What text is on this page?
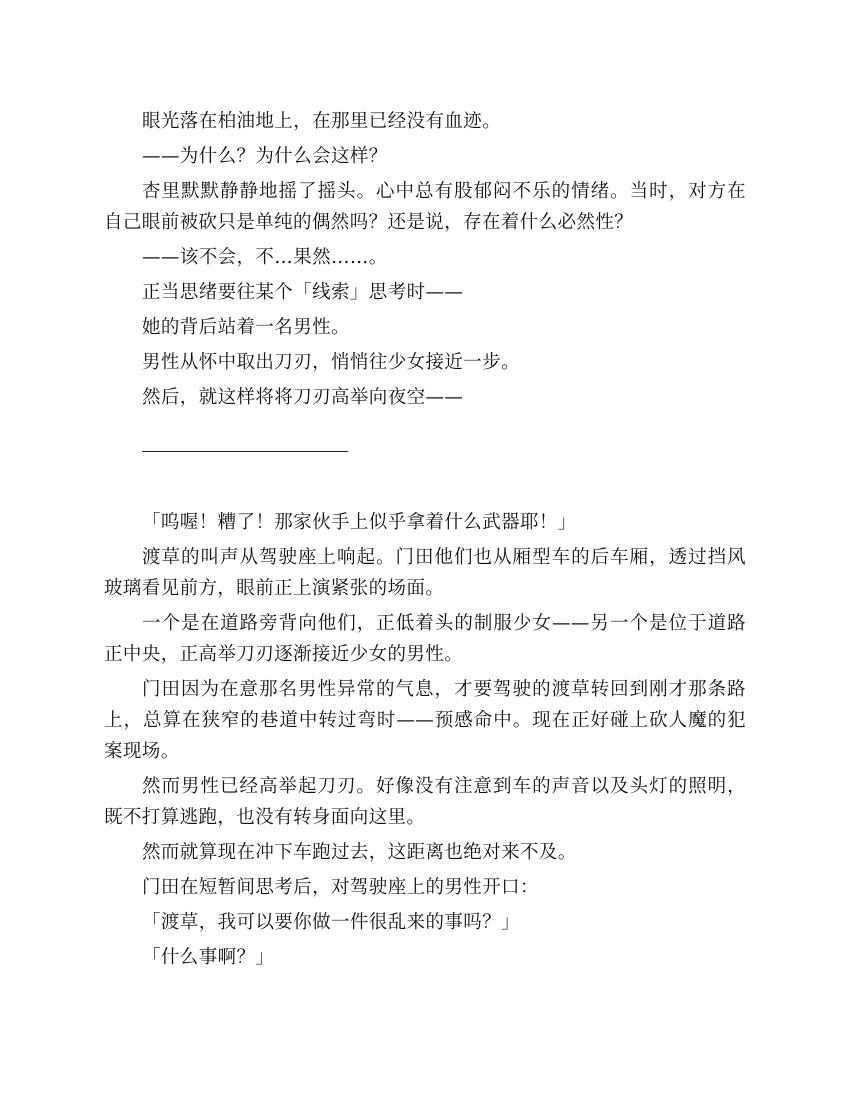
眼光落在柏油地上，在那里已经没有血迹。

——为什么？为什么会这样？

杏里默默静静地摇了摇头。心中总有股郁闷不乐的情绪。当时，对方在自己眼前被砍只是单纯的偶然吗？还是说，存在着什么必然性？

——该不会，不…果然……。

正当思绪要往某个「线索」思考时——

她的背后站着一名男性。

男性从怀中取出刀刃，悄悄往少女接近一步。

然后，就这样将将刀刃高举向夜空——

「呜喔！糟了！那家伙手上似乎拿着什么武器耶！」

渡草的叫声从驾驶座上响起。门田他们也从厢型车的后车厢，透过挡风玻璃看见前方，眼前正上演紧张的场面。

一个是在道路旁背向他们，正低着头的制服少女——另一个是位于道路正中央，正高举刀刃逐渐接近少女的男性。

门田因为在意那名男性异常的气息，才要驾驶的渡草转回到刚才那条路上，总算在狭窄的巷道中转过弯时——预感命中。现在正好碰上砍人魔的犯案现场。

然而男性已经高举起刀刃。好像没有注意到车的声音以及头灯的照明，既不打算逃跑，也没有转身面向这里。

然而就算现在冲下车跑过去，这距离也绝对来不及。

门田在短暂间思考后，对驾驶座上的男性开口：

「渡草，我可以要你做一件很乱来的事吗？」

「什么事啊？」
